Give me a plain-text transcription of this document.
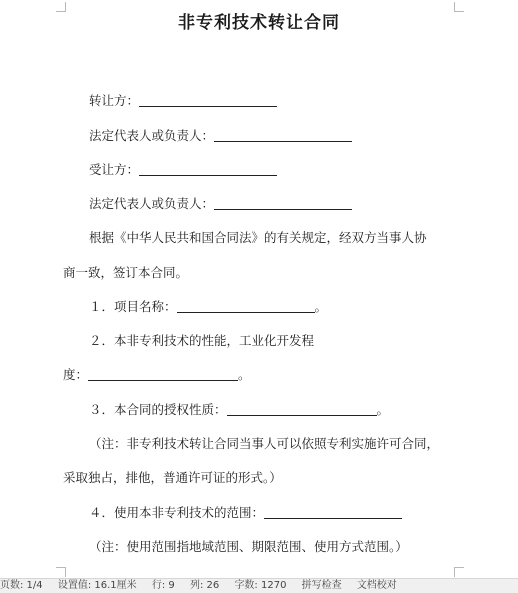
非专利技术转让合同
转让方：
法定代表人或负责人：
受让方：
法定代表人或负责人：
根据《中华人民共和国合同法》的有关规定，经双方当事人协
商一致，签订本合同。
１．项目名称：	。
２．本非专利技术的性能，工业化开发程
度：	。
３．本合同的授权性质：	。
（注：非专利技术转让合同当事人可以依照专利实施许可合同，
采取独占，排他，普通许可证的形式。）
４．使用本非专利技术的范围：
（注：使用范围指地域范围、期限范围、使用方式范围。）
页数: 1/4 设置值: 16.1厘米 行: 9 列: 26 字数: 1270 拼写检查 文档校对
